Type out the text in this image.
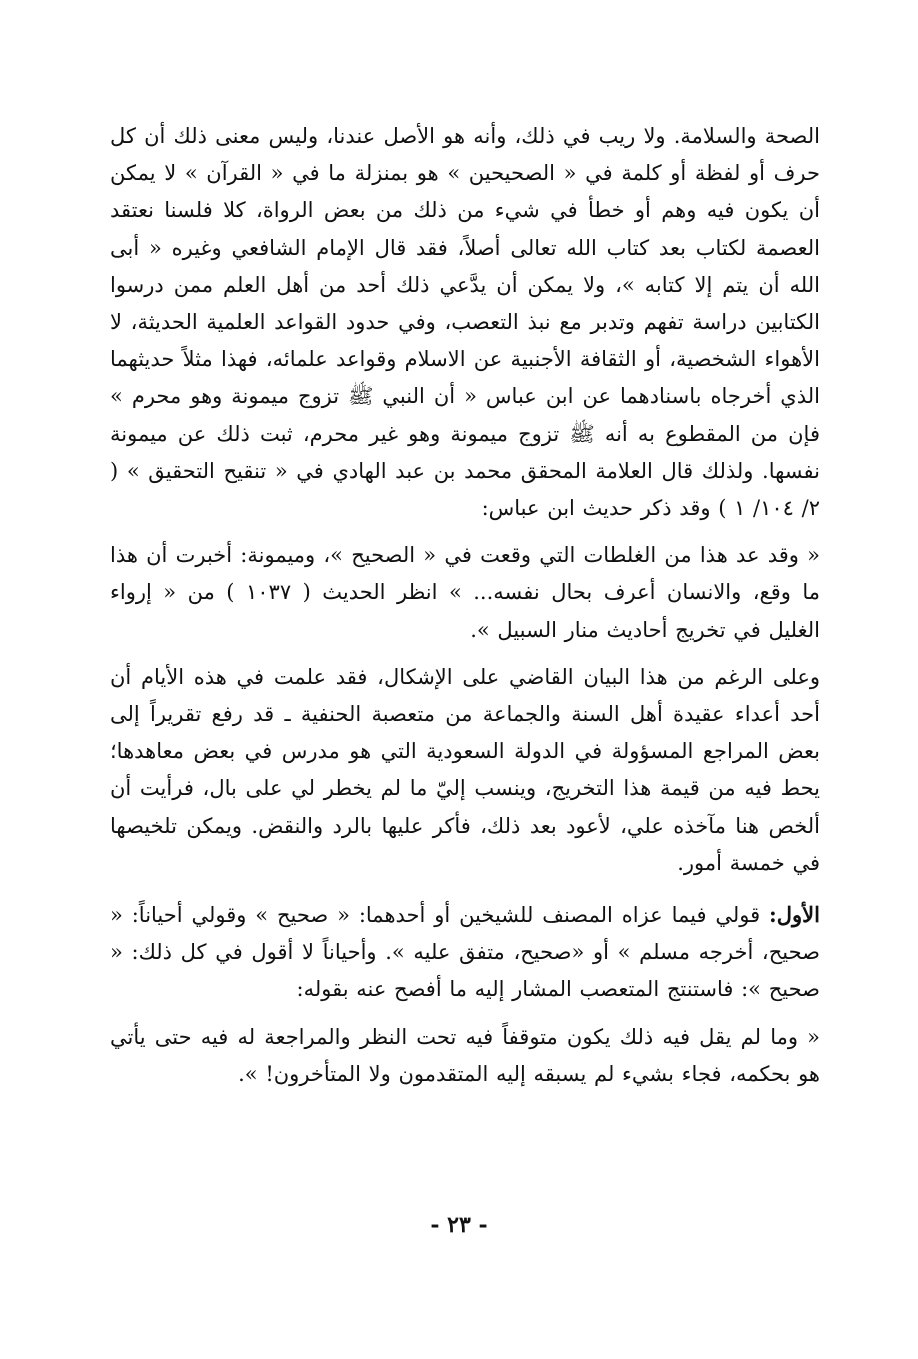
الصحة والسلامة. ولا ريب في ذلك، وأنه هو الأصل عندنا، وليس معنى ذلك أن كل حرف أو لفظة أو كلمة في « الصحيحين » هو بمنزلة ما في « القرآن » لا يمكن أن يكون فيه وهم أو خطأ في شيء من ذلك من بعض الرواة، كلا فلسنا نعتقد العصمة لكتاب بعد كتاب الله تعالى أصلاً، فقد قال الإمام الشافعي وغيره « أبى الله أن يتم إلا كتابه »، ولا يمكن أن يدَّعي ذلك أحد من أهل العلم ممن درسوا الكتابين دراسة تفهم وتدبر مع نبذ التعصب، وفي حدود القواعد العلمية الحديثة، لا الأهواء الشخصية، أو الثقافة الأجنبية عن الاسلام وقواعد علمائه، فهذا مثلاً حديثهما الذي أخرجاه باسنادهما عن ابن عباس « أن النبي ﷺ تزوج ميمونة وهو محرم » فإن من المقطوع به أنه ﷺ تزوج ميمونة وهو غير محرم، ثبت ذلك عن ميمونة نفسها. ولذلك قال العلامة المحقق محمد بن عبد الهادي في « تنقيح التحقيق » ( ٢/ ١٠٤/ ١ ) وقد ذكر حديث ابن عباس:

« وقد عد هذا من الغلطات التي وقعت في « الصحيح »، وميمونة: أخبرت أن هذا ما وقع، والانسان أعرف بحال نفسه... » انظر الحديث ( ١٠٣٧ ) من « إرواء الغليل في تخريج أحاديث منار السبيل ».

وعلى الرغم من هذا البيان القاضي على الإشكال، فقد علمت في هذه الأيام أن أحد أعداء عقيدة أهل السنة والجماعة من متعصبة الحنفية ـ قد رفع تقريراً إلى بعض المراجع المسؤولة في الدولة السعودية التي هو مدرس في بعض معاهدها؛ يحط فيه من قيمة هذا التخريج، وينسب إليّ ما لم يخطر لي على بال، فرأيت أن ألخص هنا مآخذه علي، لأعود بعد ذلك، فأكر عليها بالرد والنقض. ويمكن تلخيصها في خمسة أمور.

الأول: قولي فيما عزاه المصنف للشيخين أو أحدهما: « صحيح » وقولي أحياناً: « صحيح، أخرجه مسلم » أو «صحيح، متفق عليه ». وأحياناً لا أقول في كل ذلك: « صحيح »: فاستنتج المتعصب المشار إليه ما أفصح عنه بقوله:

« وما لم يقل فيه ذلك يكون متوقفاً فيه تحت النظر والمراجعة له فيه حتى يأتي هو بحكمه، فجاء بشيء لم يسبقه إليه المتقدمون ولا المتأخرون! ».

- ٢٣ -
